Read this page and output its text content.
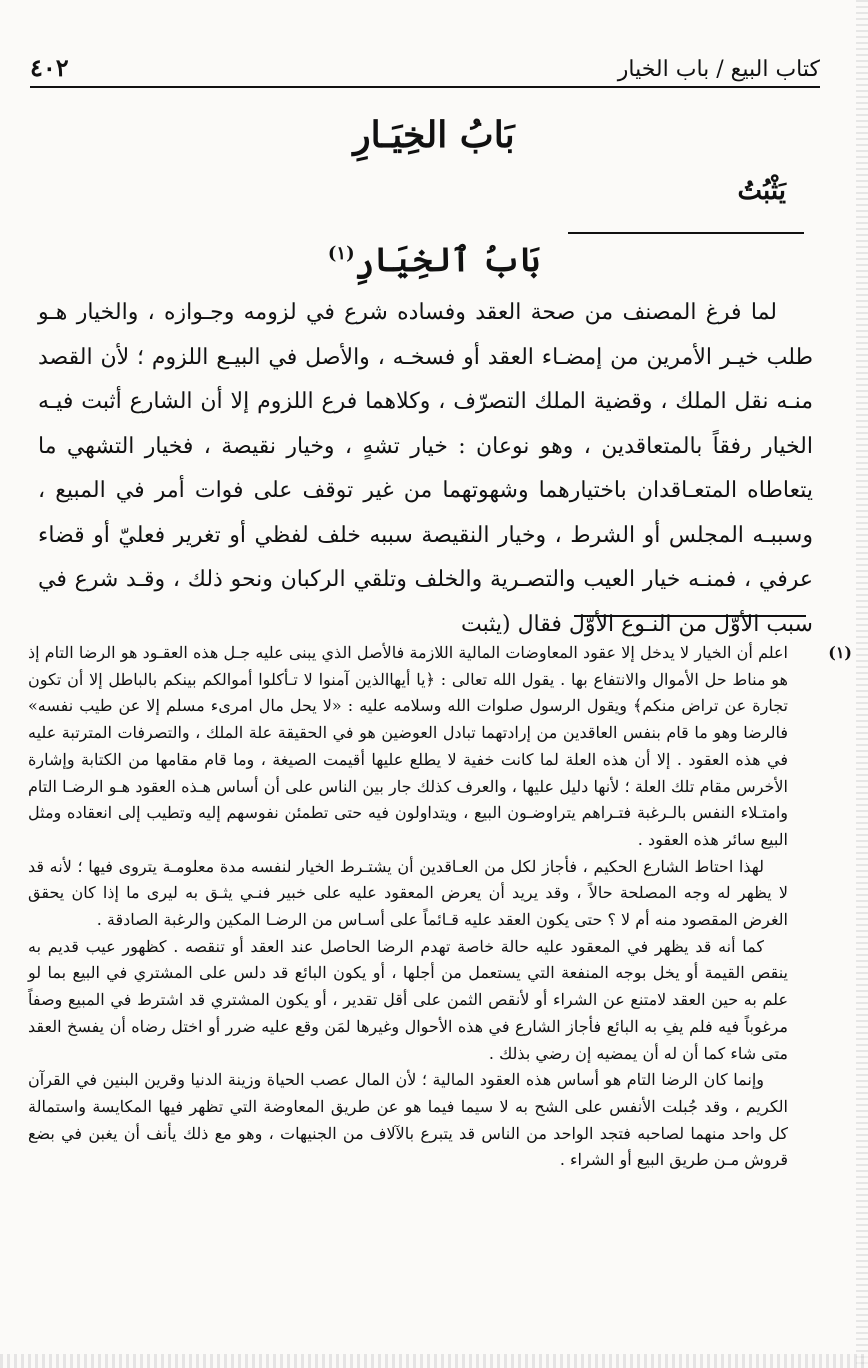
٤٠٢	كتاب البيع / باب الخيار
بَابُ الخِيَـارِ
يَثْبُتُ
بَابُ ٱلخِيَارِ$^{(١)}$

لما فرغ المصنف من صحة العقد وفساده شرع في لزومه وجـوازه ، والخيار هـو طلب خيـر الأمرين من إمضـاء العقد أو فسخـه ، والأصل في البيـع اللزوم ؛ لأن القصد منـه نقل الملك ، وقضية الملك التصرّف ، وكلاهما فرع اللزوم إلا أن الشارع أثبت فيـه الخيار رفقاً بالمتعاقدين ، وهو نوعان : خيار تشهٍ ، وخيار نقيصة ، فخيار التشهي ما يتعاطاه المتعـاقدان باختيارهما وشهوتهما من غير توقف على فوات أمر في المبيع ، وسببـه المجلس أو الشرط ، وخيار النقيصة سببه خلف لفظي أو تغرير فعليّ أو قضاء عرفي ، فمنـه خيار العيب والتصـرية والخلف وتلقي الركبان ونحو ذلك ، وقـد شرع في سبب الأوّل من النـوع الأوّل فقال (يثبت

(١)

اعلم أن الخيار لا يدخل إلا عقود المعاوضات المالية اللازمة فالأصل الذي يبنى عليه جـل هذه العقـود هو الرضا التام إذ هو مناط حل الأموال والانتفاع بها . يقول الله تعالى : ﴿يا أيهاالذين آمنوا لا تـأكلوا أموالكم بينكم بالباطل إلا أن تكون تجارة عن تراض منكم﴾ ويقول الرسول صلوات الله وسلامه عليه : «لا يحل مال امرىء مسلم إلا عن طيب نفسه» فالرضا وهو ما قام بنفس العاقدين من إرادتهما تبادل العوضين هو في الحقيقة علة الملك ، والتصرفات المترتبة عليه في هذه العقود . إلا أن هذه العلة لما كانت خفية لا يطلع عليها أقيمت الصيغة ، وما قام مقامها من الكتابة وإشارة الأخرس مقام تلك العلة ؛ لأنها دليل عليها ، والعرف كذلك جار بين الناس على أن أساس هـذه العقود هـو الرضـا التام وامتـلاء النفس بالـرغبة فتـراهم يتراوضـون البيع ، ويتداولون فيه حتى تطمئن نفوسهم إليه وتطيب إلى انعقاده ومثل البيع سائر هذه العقود .

لهذا احتاط الشارع الحكيم ، فأجاز لكل من العـاقدين أن يشتـرط الخيار لنفسه مدة معلومـة يتروى فيها ؛ لأنه قد لا يظهر له وجه المصلحة حالاً ، وقد يريد أن يعرض المعقود عليه على خبير فنـي يثـق به ليرى ما إذا كان يحقق الغرض المقصود منه أم لا ؟ حتى يكون العقد عليه قـائماً على أسـاس من الرضـا المكين والرغبة الصادقة .

كما أنه قد يظهر في المعقود عليه حالة خاصة تهدم الرضا الحاصل عند العقد أو تنقصه . كظهور عيب قديم به ينقص القيمة أو يخل بوجه المنفعة التي يستعمل من أجلها ، أو يكون البائع قد دلس على المشتري في البيع بما لو علم به حين العقد لامتنع عن الشراء أو لأنقص الثمن على أقل تقدير ، أو يكون المشتري قد اشترط في المبيع وصفاً مرغوباً فيه فلم يفِ به البائع فأجاز الشارع في هذه الأحوال وغيرها لمَن وقع عليه ضرر أو اختل رضاه أن يفسخ العقد متى شاء كما أن له أن يمضيه إن رضي بذلك .

وإنما كان الرضا التام هو أساس هذه العقود المالية ؛ لأن المال عصب الحياة وزينة الدنيا وقرين البنين في القرآن الكريم ، وقد جُبلت الأنفس على الشح به لا سيما فيما هو عن طريق المعاوضة التي تظهر فيها المكايسة واستمالة كل واحد منهما لصاحبه فتجد الواحد من الناس قد يتبرع بالآلاف من الجنيهات ، وهو مع ذلك يأنف أن يغبن في بضع قروش مـن طريق البيع أو الشراء .
